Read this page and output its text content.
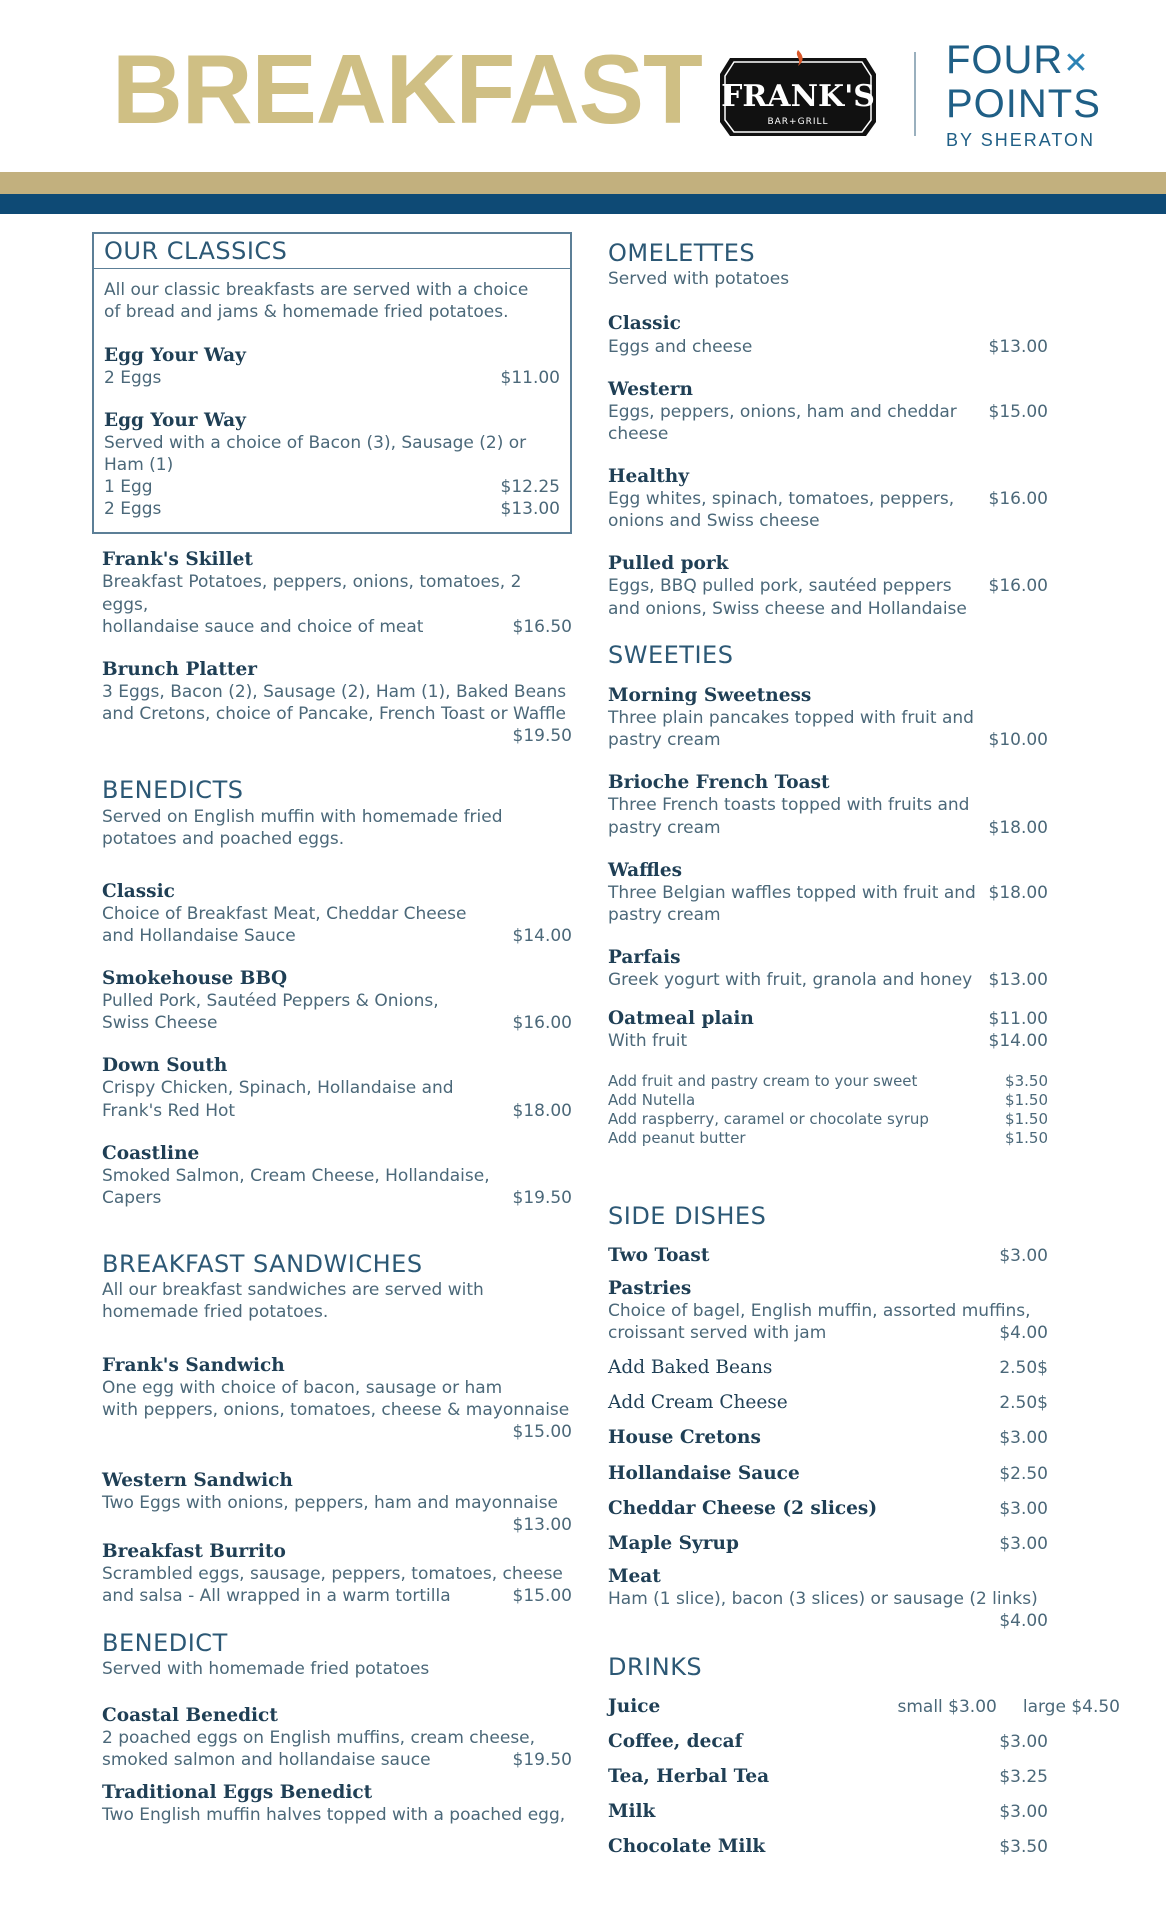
BREAKFAST FRANK'S
BAR+GRILL
FOUR✕
POINTS
BY SHERATON
OUR CLASSICS
All our classic breakfasts are served with a choice of bread and jams & homemade fried potatoes.
Egg Your Way
2 Eggs	$11.00
Egg Your Way
Served with a choice of Bacon (3), Sausage (2) or Ham (1)
1 Egg	$12.25
2 Eggs	$13.00
Frank's Skillet
Breakfast Potatoes, peppers, onions, tomatoes, 2 eggs,
hollandaise sauce and choice of meat	$16.50
Brunch Platter
3 Eggs, Bacon (2), Sausage (2), Ham (1), Baked Beans
and Cretons, choice of Pancake, French Toast or Waffle
$19.50
BENEDICTS
Served on English muffin with homemade fried potatoes and poached eggs.
Classic
Choice of Breakfast Meat, Cheddar Cheese
and Hollandaise Sauce	$14.00
Smokehouse BBQ
Pulled Pork, Sautéed Peppers & Onions,
Swiss Cheese	$16.00
Down South
Crispy Chicken, Spinach, Hollandaise and
Frank's Red Hot	$18.00
Coastline
Smoked Salmon, Cream Cheese, Hollandaise,
Capers	$19.50
BREAKFAST SANDWICHES
All our breakfast sandwiches are served with homemade fried potatoes.
Frank's Sandwich
One egg with choice of bacon, sausage or ham
with peppers, onions, tomatoes, cheese & mayonnaise
$15.00
Western Sandwich
Two Eggs with onions, peppers, ham and mayonnaise
$13.00
Breakfast Burrito
Scrambled eggs, sausage, peppers, tomatoes, cheese
and salsa - All wrapped in a warm tortilla	$15.00
BENEDICT
Served with homemade fried potatoes
Coastal Benedict
2 poached eggs on English muffins, cream cheese,
smoked salmon and hollandaise sauce	$19.50
Traditional Eggs Benedict
Two English muffin halves topped with a poached egg,
OMELETTES
Served with potatoes
Classic
Eggs and cheese	$13.00
Western
Eggs, peppers, onions, ham and cheddar	$15.00
cheese
Healthy
Egg whites, spinach, tomatoes, peppers,	$16.00
onions and Swiss cheese
Pulled pork
Eggs, BBQ pulled pork, sautéed peppers	$16.00
and onions, Swiss cheese and Hollandaise
SWEETIES
Morning Sweetness
Three plain pancakes topped with fruit and
pastry cream	$10.00
Brioche French Toast
Three French toasts topped with fruits and
pastry cream	$18.00
Waffles
Three Belgian waffles topped with fruit and $18.00
pastry cream
Parfais
Greek yogurt with fruit, granola and honey $13.00
Oatmeal plain	$11.00
With fruit	$14.00
Add fruit and pastry cream to your sweet	$3.50
Add Nutella	$1.50
Add raspberry, caramel or chocolate syrup	$1.50
Add peanut butter	$1.50
SIDE DISHES
Two Toast	$3.00
Pastries
Choice of bagel, English muffin, assorted muffins,
croissant served with jam	$4.00
Add Baked Beans	2.50$
Add Cream Cheese	2.50$
House Cretons	$3.00
Hollandaise Sauce	$2.50
Cheddar Cheese (2 slices)	$3.00
Maple Syrup	$3.00
Meat
Ham (1 slice), bacon (3 slices) or sausage (2 links)
$4.00
DRINKS
Juice	small $3.00 large $4.50
Coffee, decaf	$3.00
Tea, Herbal Tea	$3.25
Milk	$3.00
Chocolate Milk	$3.50
